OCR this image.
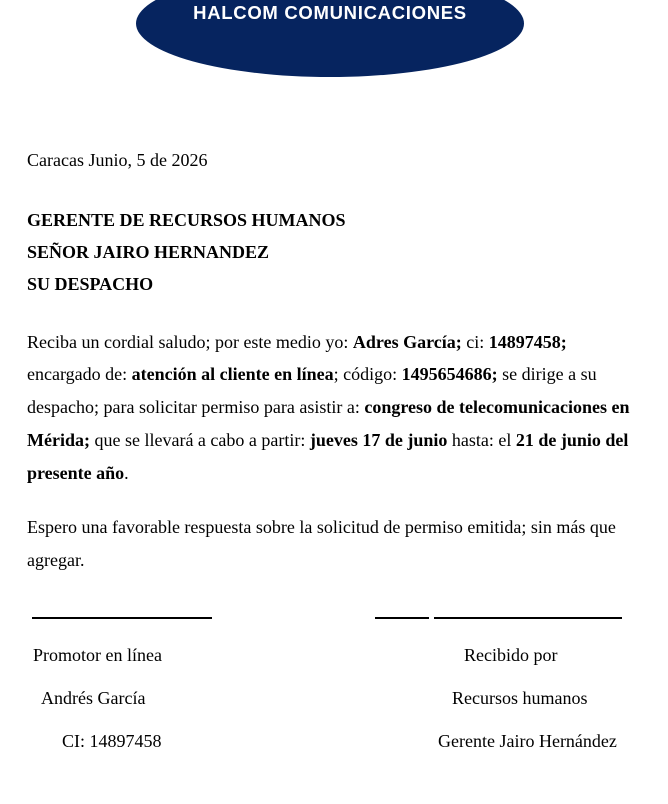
HALCOM COMUNICACIONES
Caracas Junio, 5 de 2026
GERENTE DE RECURSOS HUMANOS
SEÑOR JAIRO HERNANDEZ
SU DESPACHO

Reciba un cordial saludo; por este medio yo: Adres García; ci: 14897458; encargado de: atención al cliente en línea; código: 1495654686; se dirige a su despacho; para solicitar permiso para asistir a: congreso de telecomunicaciones en Mérida; que se llevará a cabo a partir: jueves 17 de junio hasta: el 21 de junio del presente año.

Espero una favorable respuesta sobre la solicitud de permiso emitida; sin más que agregar.

Promotor en línea
Andrés García
CI: 14897458
Recibido por
Recursos humanos
Gerente Jairo Hernández
